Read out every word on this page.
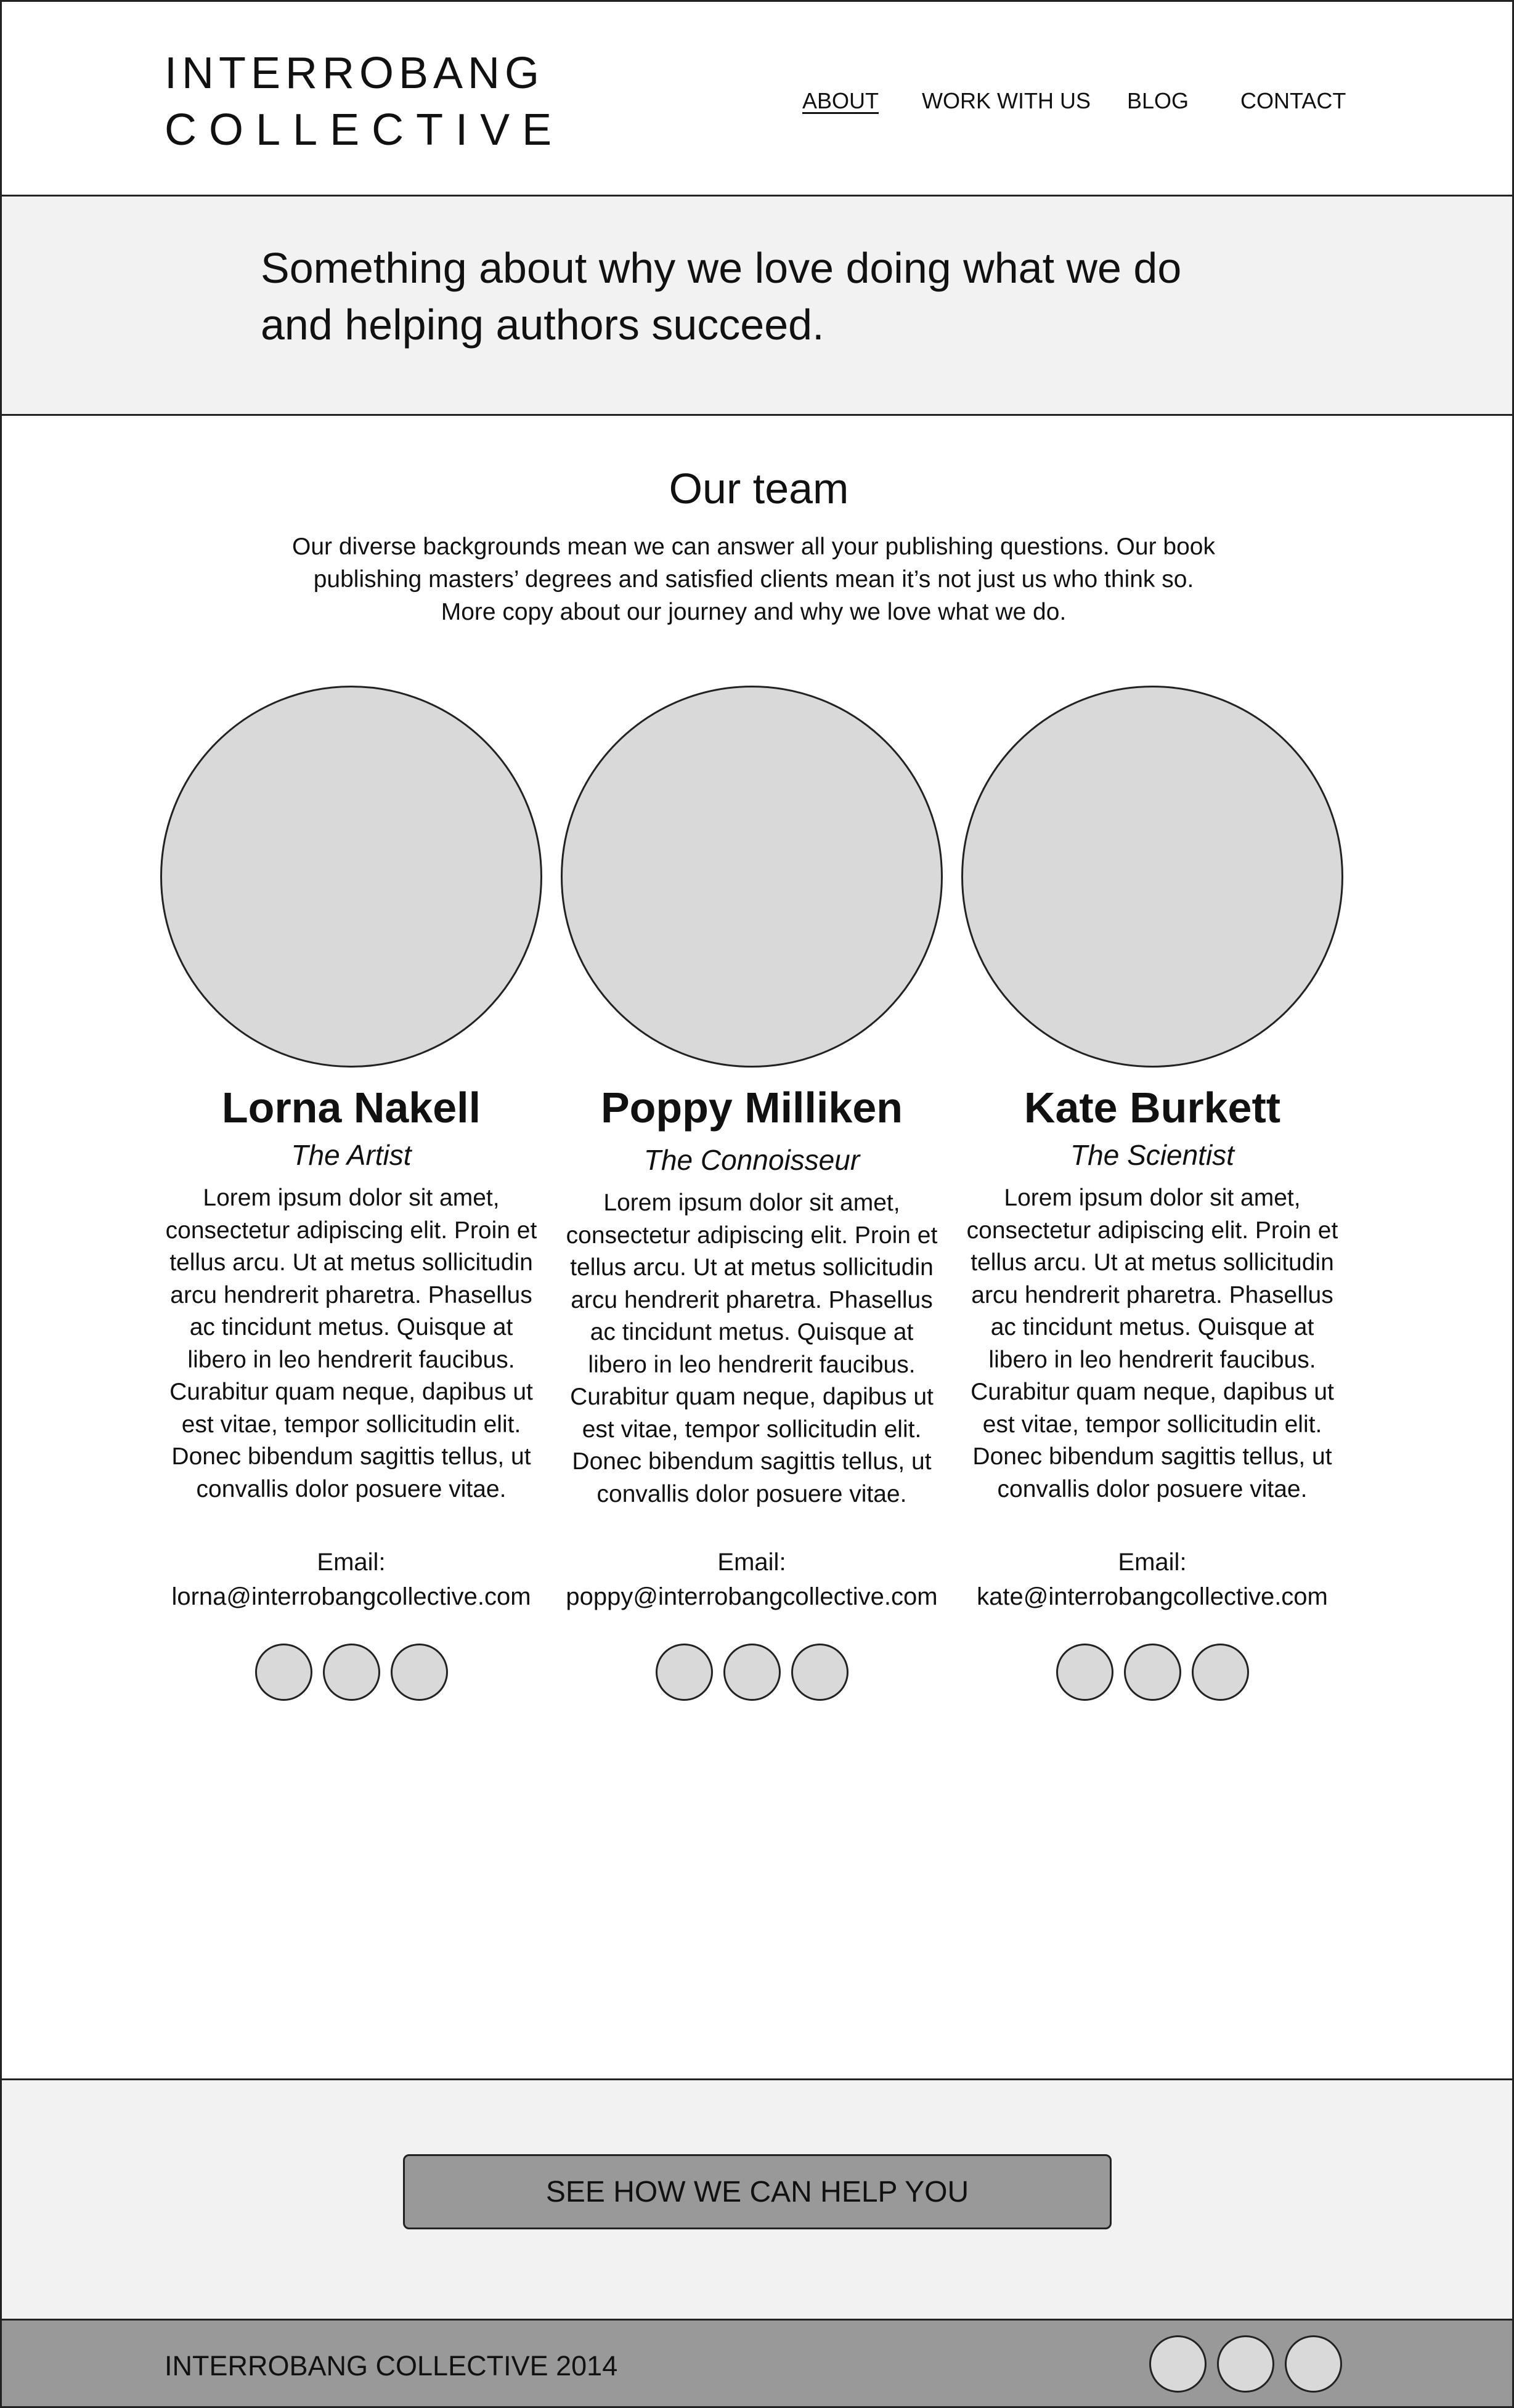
INTERROBANG
COLLECTIVE
ABOUT WORK WITH US BLOG CONTACT
Something about why we love doing what we do
and helping authors succeed.
Our team
Our diverse backgrounds mean we can answer all your publishing questions. Our book
publishing masters’ degrees and satisfied clients mean it’s not just us who think so.
More copy about our journey and why we love what we do.
Lorna Nakell
The Artist
Lorem ipsum dolor sit amet, consectetur adipiscing elit. Proin et tellus arcu. Ut at metus sollicitudin arcu hendrerit pharetra. Phasellus ac tincidunt metus. Quisque at libero in leo hendrerit faucibus. Curabitur quam neque, dapibus ut est vitae, tempor sollicitudin elit. Donec bibendum sagittis tellus, ut convallis dolor posuere vitae.
Email:
lorna@interrobangcollective.com
Poppy Milliken
The Connoisseur
Lorem ipsum dolor sit amet, consectetur adipiscing elit. Proin et tellus arcu. Ut at metus sollicitudin arcu hendrerit pharetra. Phasellus ac tincidunt metus. Quisque at libero in leo hendrerit faucibus. Curabitur quam neque, dapibus ut est vitae, tempor sollicitudin elit. Donec bibendum sagittis tellus, ut convallis dolor posuere vitae.
Email:
poppy@interrobangcollective.com
Kate Burkett
The Scientist
Lorem ipsum dolor sit amet, consectetur adipiscing elit. Proin et tellus arcu. Ut at metus sollicitudin arcu hendrerit pharetra. Phasellus ac tincidunt metus. Quisque at libero in leo hendrerit faucibus. Curabitur quam neque, dapibus ut est vitae, tempor sollicitudin elit. Donec bibendum sagittis tellus, ut convallis dolor posuere vitae.
Email:
kate@interrobangcollective.com
SEE HOW WE CAN HELP YOU
INTERROBANG COLLECTIVE 2014
